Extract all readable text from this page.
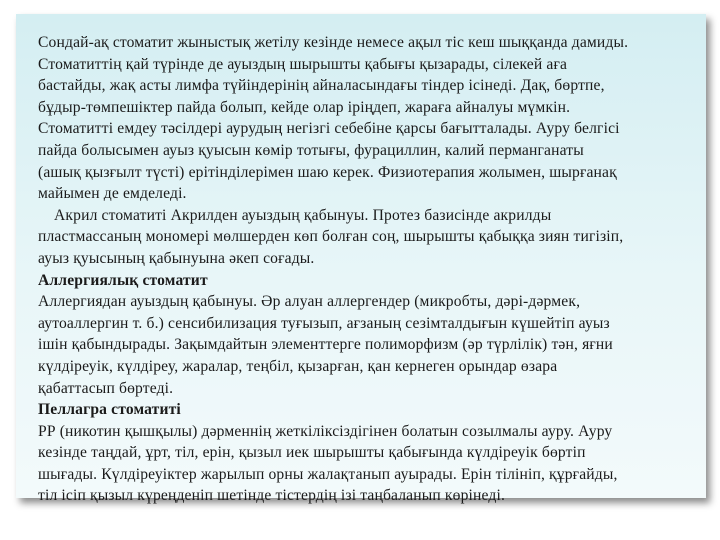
Сондай-ақ стоматит жыныстық жетілу кезінде немесе ақыл тіс кеш шыққанда дамиды.

Стоматиттің қай түрінде де ауыздың шырышты қабығы қызарады, сілекей ағa

бастайды, жақ асты лимфа түйіндерінің айналасындағы тіндер ісінеді. Дақ, бөртпе,

бұдыр-төмпешіктер пайда болып, кейде олар іріңдеп, жараға айналуы мүмкін.

Стоматитті емдеу тәсілдері аурудың негізгі себебіне қарсы бағытталады. Ауру белгісі

пайда болысымен ауыз қуысын көмір тотығы, фурациллин, калий перманганаты

(ашық қызғылт түсті) ерітінділерімен шаю керек. Физиотерапия жолымен, шырғанақ

майымен де емделеді.

Акрил стоматиті Акрилден ауыздың қабынуы. Протез базисінде акрилды

пластмассаның мономері мөлшерден көп болған соң, шырышты қабыққа зиян тигізіп,

ауыз қуысының қабынуына әкеп соғады.

Аллергиялық стоматит

Аллергиядан ауыздың қабынуы. Әр алуан аллергендер (микробты, дәрі-дәрмек,

аутоаллергин т. б.) сенсибилизация туғызып, ағзаның сезімталдығын күшейтіп ауыз

ішін қабындырады. Зақымдайтын элементтерге полиморфизм (әр түрлілік) тән, яғни

күлдіреуік, күлдіреу, жаралар, теңбіл, қызарған, қан кернеген орындар өзара

қабаттасып бөртеді.

Пеллагра стоматиті

РР (никотин қышқылы) дәрменнің жеткіліксіздігінен болатын созылмалы ауру. Ауру

кезінде таңдай, ұрт, тіл, ерін, қызыл иек шырышты қабығында күлдіреуік бөртіп

шығады. Күлдіреуіктер жарылып орны жалақтанып ауырады. Ерін тілініп, құрғайды,

тіл ісіп қызыл күреңденіп шетінде тістердің ізі таңбаланып көрінеді.
